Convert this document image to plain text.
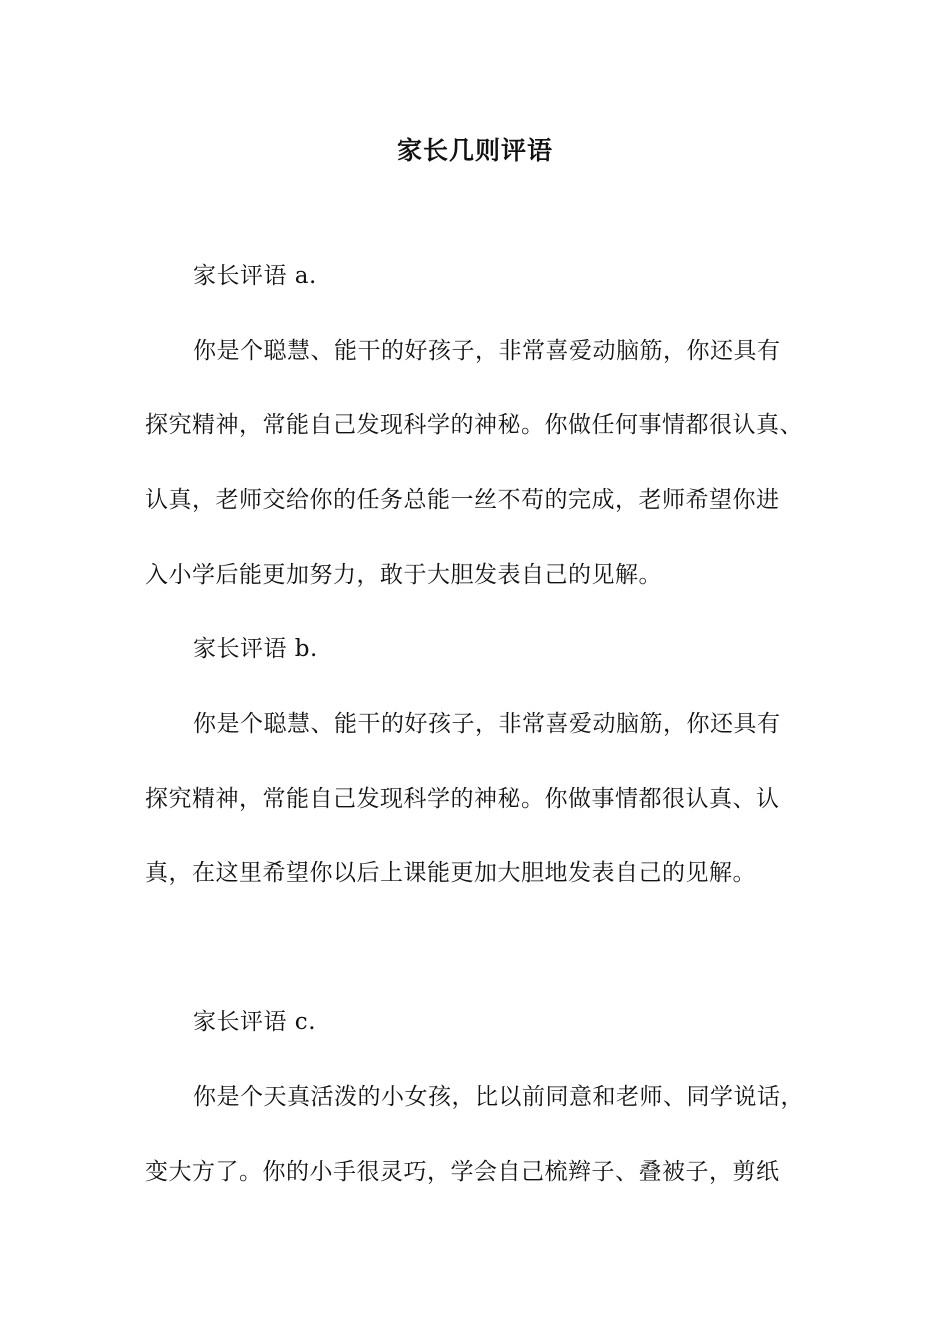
家长几则评语
家长评语 a.
你是个聪慧、能干的好孩子，非常喜爱动脑筋，你还具有
探究精神，常能自己发现科学的神秘。你做任何事情都很认真、
认真，老师交给你的任务总能一丝不苟的完成，老师希望你进
入小学后能更加努力，敢于大胆发表自己的见解。
家长评语 b.
你是个聪慧、能干的好孩子，非常喜爱动脑筋，你还具有
探究精神，常能自己发现科学的神秘。你做事情都很认真、认
真，在这里希望你以后上课能更加大胆地发表自己的见解。
家长评语 c.
你是个天真活泼的小女孩，比以前同意和老师、同学说话，
变大方了。你的小手很灵巧，学会自己梳辫子、叠被子，剪纸
